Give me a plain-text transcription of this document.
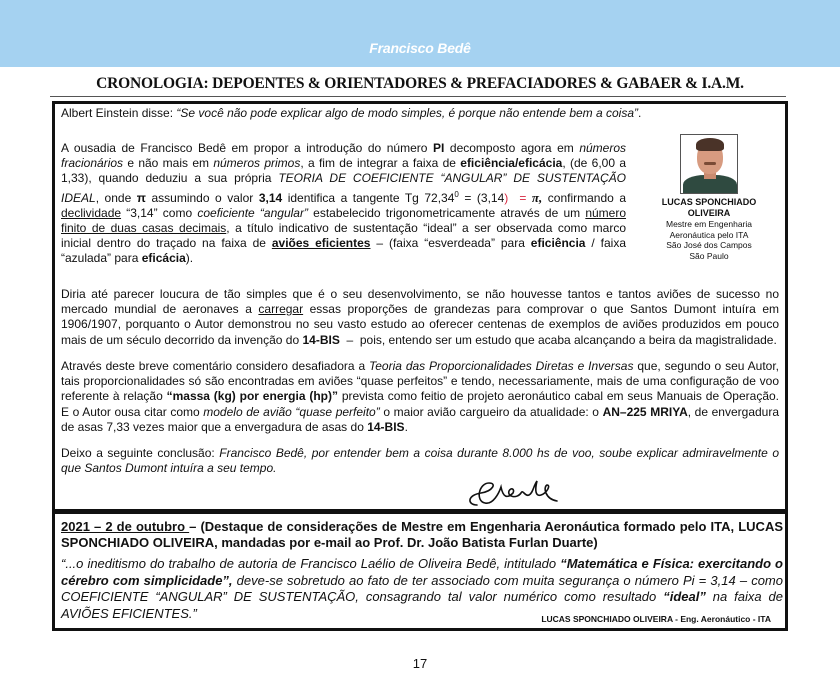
Francisco Bedê
CRONOLOGIA: DEPOENTES & ORIENTADORES & PREFACIADORES & GABAER & I.A.M.
Albert Einstein disse: “Se você não pode explicar algo de modo simples, é porque não entende bem a coisa”.
A ousadia de Francisco Bedê em propor a introdução do número PI decomposto agora em números fracionários e não mais em números primos, a fim de integrar a faixa de eficiência/eficácia, (de 6,00 a 1,33), quando deduziu a sua própria TEORIA DE COEFICIENTE “ANGULAR” DE SUSTENTAÇÃO IDEAL, onde π assumindo o valor 3,14 identifica a tangente Tg $72,34^0 = (3,14) = \pi$, confirmando a declividade “3,14” como coeficiente “angular” estabelecido trigonometricamente através de um número finito de duas casas decimais, a título indicativo de sustentação “ideal” a ser observada como marco inicial dentro do traçado na faixa de aviões eficientes – (faixa “esverdeada” para eficiência / faixa “azulada” para eficácia).
LUCAS SPONCHIADO
OLIVEIRA
Mestre em Engenharia
Aeronáutica pelo ITA
São José dos Campos
São Paulo
Diria até parecer loucura de tão simples que é o seu desenvolvimento, se não houvesse tantos e tantos aviões de sucesso no mercado mundial de aeronaves a carregar essas proporções de grandezas para comprovar o que Santos Dumont intuíra em 1906/1907, porquanto o Autor demonstrou no seu vasto estudo ao oferecer centenas de exemplos de aviões produzidos em pouco mais de um século decorrido da invenção do 14-BIS  –  pois, entendo ser um estudo que acaba alcançando a beira da magistralidade.
Através deste breve comentário considero desafiadora a Teoria das Proporcionalidades Diretas e Inversas que, segundo o seu Autor, tais proporcionalidades só são encontradas em aviões “quase perfeitos” e tendo, necessariamente, mais de uma configuração de voo referente à relação “massa (kg) por energia (hp)” prevista como feitio de projeto aeronáutico cabal em seus Manuais de Operação. E o Autor ousa citar como modelo de avião “quase perfeito” o maior avião cargueiro da atualidade: o AN–225 MRIYA, de envergadura de asas 7,33 vezes maior que a envergadura de asas do 14-BIS.
Deixo a seguinte conclusão: Francisco Bedê, por entender bem a coisa durante 8.000 hs de voo, soube explicar admiravelmente o que Santos Dumont intuíra a seu tempo.
2021 – 2 de outubro – (Destaque de considerações de Mestre em Engenharia Aeronáutica formado pelo ITA, LUCAS SPONCHIADO OLIVEIRA, mandadas por e-mail ao Prof. Dr. João Batista Furlan Duarte)
“...o ineditismo do trabalho de autoria de Francisco Laélio de Oliveira Bedê, intitulado “Matemática e Física: exercitando o cérebro com simplicidade”, deve-se sobretudo ao fato de ter associado com muita segurança o número Pi = 3,14 – como COEFICIENTE “ANGULAR” DE SUSTENTAÇÃO, consagrando tal valor numérico como resultado “ideal” na faixa de AVIÕES EFICIENTES.”	LUCAS SPONCHIADO OLIVEIRA - Eng. Aeronáutico - ITA
17
